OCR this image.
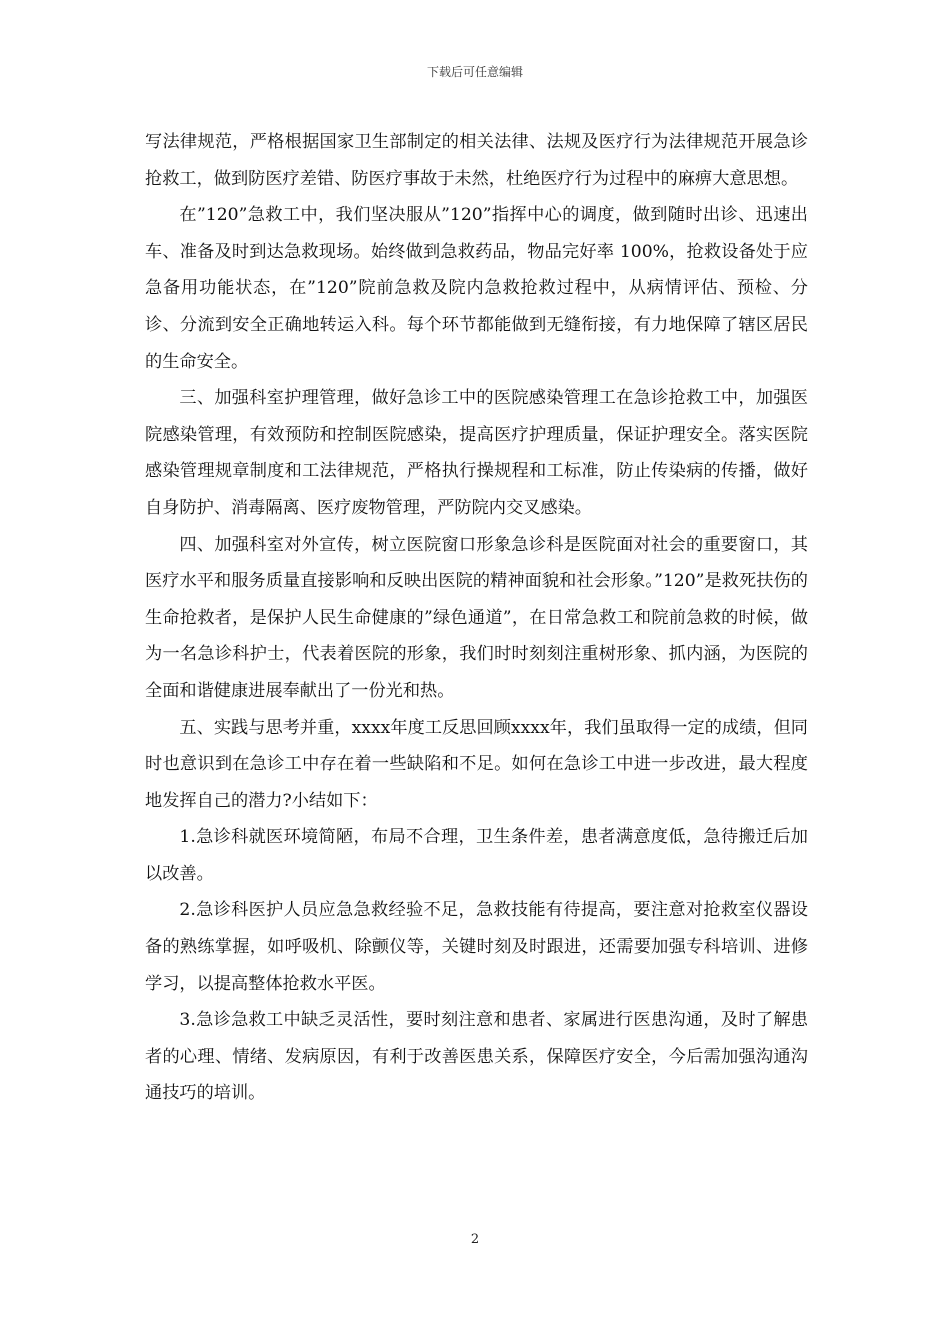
下载后可任意编辑

写法律规范，严格根据国家卫生部制定的相关法律、法规及医疗行为法律规范开展急诊抢救工，做到防医疗差错、防医疗事故于未然，杜绝医疗行为过程中的麻痹大意思想。

在”120”急救工中，我们坚决服从”120”指挥中心的调度，做到随时出诊、迅速出车、准备及时到达急救现场。始终做到急救药品，物品完好率 100%，抢救设备处于应急备用功能状态，在”120”院前急救及院内急救抢救过程中，从病情评估、预检、分诊、分流到安全正确地转运入科。每个环节都能做到无缝衔接，有力地保障了辖区居民的生命安全。

三、加强科室护理管理，做好急诊工中的医院感染管理工在急诊抢救工中，加强医院感染管理，有效预防和控制医院感染，提高医疗护理质量，保证护理安全。落实医院感染管理规章制度和工法律规范，严格执行操规程和工标准，防止传染病的传播，做好自身防护、消毒隔离、医疗废物管理，严防院内交叉感染。

四、加强科室对外宣传，树立医院窗口形象急诊科是医院面对社会的重要窗口，其医疗水平和服务质量直接影响和反映出医院的精神面貌和社会形象。”120”是救死扶伤的生命抢救者，是保护人民生命健康的”绿色通道”，在日常急救工和院前急救的时候，做为一名急诊科护士，代表着医院的形象，我们时时刻刻注重树形象、抓内涵，为医院的全面和谐健康进展奉献出了一份光和热。

五、实践与思考并重，xxxx年度工反思回顾xxxx年，我们虽取得一定的成绩，但同时也意识到在急诊工中存在着一些缺陷和不足。如何在急诊工中进一步改进，最大程度地发挥自己的潜力?小结如下：

1.急诊科就医环境简陋，布局不合理，卫生条件差，患者满意度低，急待搬迁后加以改善。

2.急诊科医护人员应急急救经验不足，急救技能有待提高，要注意对抢救室仪器设备的熟练掌握，如呼吸机、除颤仪等，关键时刻及时跟进，还需要加强专科培训、进修学习，以提高整体抢救水平医。

3.急诊急救工中缺乏灵活性，要时刻注意和患者、家属进行医患沟通，及时了解患者的心理、情绪、发病原因，有利于改善医患关系，保障医疗安全，今后需加强沟通沟通技巧的培训。

2
